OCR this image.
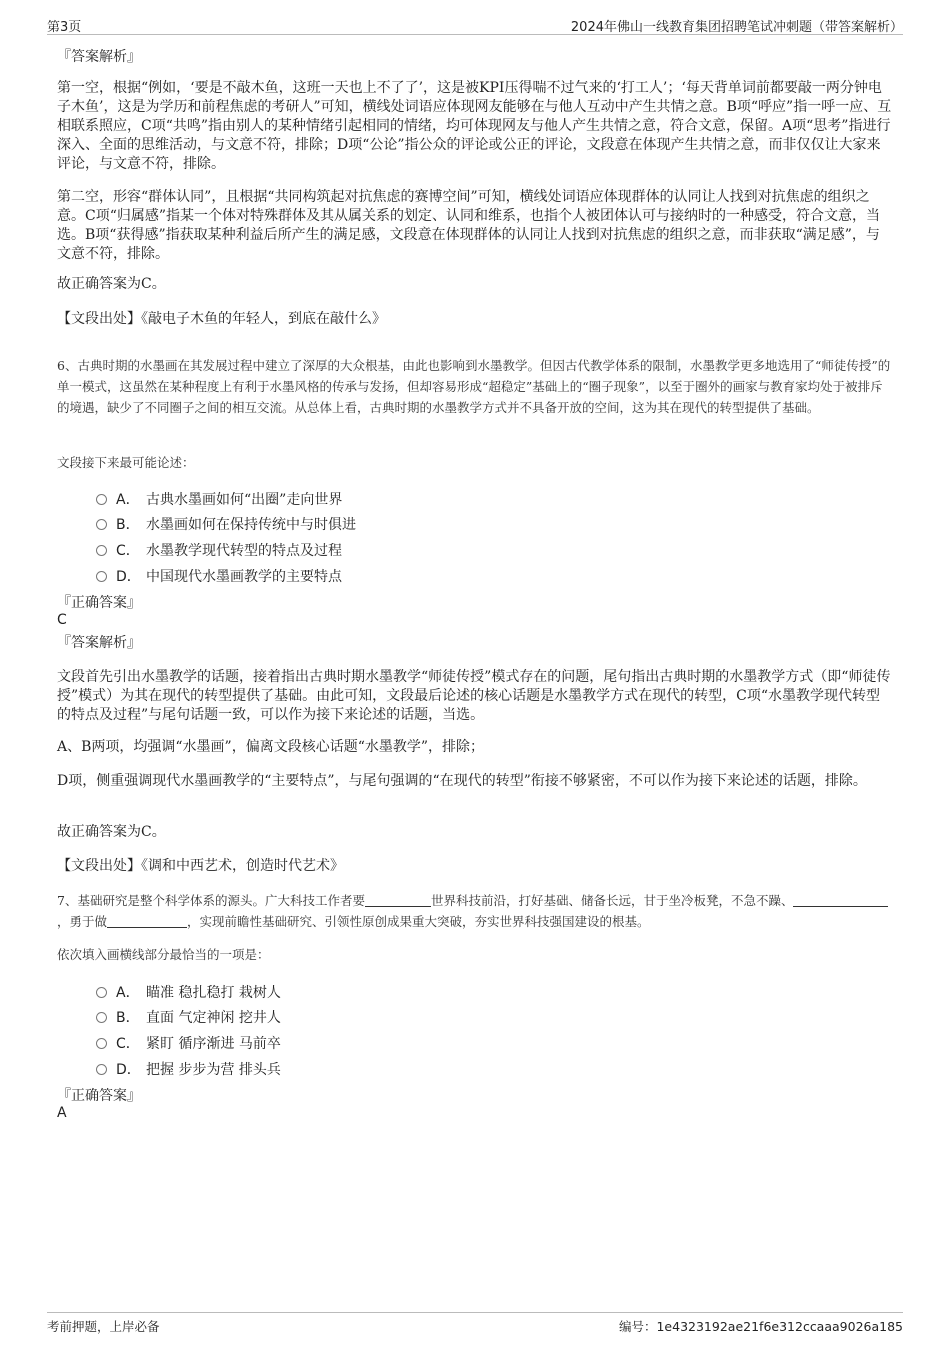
第3页	2024年佛山一线教育集团招聘笔试冲刺题（带答案解析）
『答案解析』
第一空，根据“例如，‘要是不敲木鱼，这班一天也上不了了’，这是被KPI压得喘不过气来的‘打工人’；‘每天背单词前都要敲一两分钟电子木鱼’，这是为学历和前程焦虑的考研人”可知，横线处词语应体现网友能够在与他人互动中产生共情之意。B项“呼应”指一呼一应、互相联系照应，C项“共鸣”指由别人的某种情绪引起相同的情绪，均可体现网友与他人产生共情之意，符合文意，保留。A项“思考”指进行深入、全面的思维活动，与文意不符，排除；D项“公论”指公众的评论或公正的评论，文段意在体现产生共情之意，而非仅仅让大家来评论，与文意不符，排除。
第二空，形容“群体认同”，且根据“共同构筑起对抗焦虑的赛博空间”可知，横线处词语应体现群体的认同让人找到对抗焦虑的组织之意。C项“归属感”指某一个体对特殊群体及其从属关系的划定、认同和维系，也指个人被团体认可与接纳时的一种感受，符合文意，当选。B项“获得感”指获取某种利益后所产生的满足感，文段意在体现群体的认同让人找到对抗焦虑的组织之意，而非获取“满足感”，与文意不符，排除。
故正确答案为C。
【文段出处】《敲电子木鱼的年轻人，到底在敲什么》
6、古典时期的水墨画在其发展过程中建立了深厚的大众根基，由此也影响到水墨教学。但因古代教学体系的限制，水墨教学更多地选用了“师徒传授”的单一模式，这虽然在某种程度上有利于水墨风格的传承与发扬，但却容易形成“超稳定”基础上的“圈子现象”，以至于圈外的画家与教育家均处于被排斥的境遇，缺少了不同圈子之间的相互交流。从总体上看，古典时期的水墨教学方式并不具备开放的空间，这为其在现代的转型提供了基础。
文段接下来最可能论述：
A． 古典水墨画如何“出圈”走向世界
B． 水墨画如何在保持传统中与时俱进
C． 水墨教学现代转型的特点及过程
D． 中国现代水墨画教学的主要特点
『正确答案』
C
『答案解析』
文段首先引出水墨教学的话题，接着指出古典时期水墨教学“师徒传授”模式存在的问题，尾句指出古典时期的水墨教学方式（即“师徒传授”模式）为其在现代的转型提供了基础。由此可知，文段最后论述的核心话题是水墨教学方式在现代的转型，C项“水墨教学现代转型的特点及过程”与尾句话题一致，可以作为接下来论述的话题，当选。
A、B两项，均强调“水墨画”，偏离文段核心话题“水墨教学”，排除；
D项，侧重强调现代水墨画教学的“主要特点”，与尾句强调的“在现代的转型”衔接不够紧密，不可以作为接下来论述的话题，排除。
故正确答案为C。
【文段出处】《调和中西艺术，创造时代艺术》
7、基础研究是整个科学体系的源头。广大科技工作者要	世界科技前沿，打好基础、储备长远，甘于坐冷板凳，不急不躁、，勇于做	，实现前瞻性基础研究、引领性原创成果重大突破，夯实世界科技强国建设的根基。
依次填入画横线部分最恰当的一项是：
A． 瞄准 稳扎稳打 栽树人
B． 直面 气定神闲 挖井人
C． 紧盯 循序渐进 马前卒
D． 把握 步步为营 排头兵
『正确答案』
A
考前押题，上岸必备	编号：1e4323192ae21f6e312ccaaa9026a185
